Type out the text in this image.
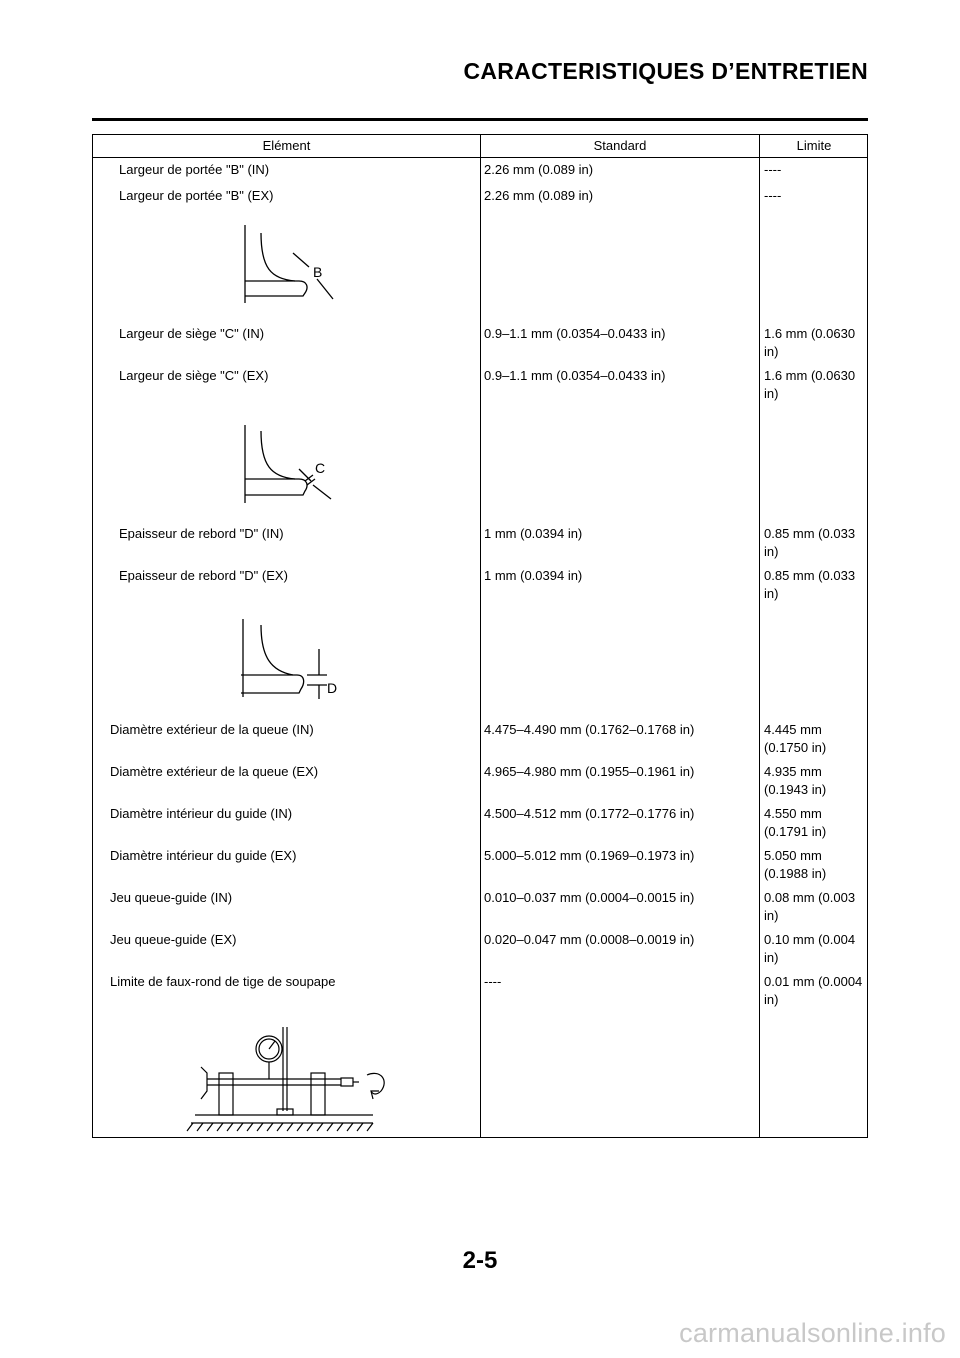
CARACTERISTIQUES D’ENTRETIEN
Elément	Standard	Limite
Largeur de portée "B" (IN)	2.26 mm (0.089 in)	----
Largeur de portée "B" (EX)	2.26 mm (0.089 in)	----
B
Largeur de siège "C" (IN)	0.9–1.1 mm (0.0354–0.0433 in)	1.6 mm (0.0630 in)
Largeur de siège "C" (EX)	0.9–1.1 mm (0.0354–0.0433 in)	1.6 mm (0.0630 in)
C
Epaisseur de rebord "D" (IN)	1 mm (0.0394 in)	0.85 mm (0.033 in)
Epaisseur de rebord "D" (EX)	1 mm (0.0394 in)	0.85 mm (0.033 in)
D
Diamètre extérieur de la queue (IN)	4.475–4.490 mm (0.1762–0.1768 in)	4.445 mm (0.1750 in)
Diamètre extérieur de la queue (EX)	4.965–4.980 mm (0.1955–0.1961 in)	4.935 mm (0.1943 in)
Diamètre intérieur du guide (IN)	4.500–4.512 mm (0.1772–0.1776 in)	4.550 mm (0.1791 in)
Diamètre intérieur du guide (EX)	5.000–5.012 mm (0.1969–0.1973 in)	5.050 mm (0.1988 in)
Jeu queue-guide (IN)	0.010–0.037 mm (0.0004–0.0015 in)	0.08 mm (0.003 in)
Jeu queue-guide (EX)	0.020–0.047 mm (0.0008–0.0019 in)	0.10 mm (0.004 in)
Limite de faux-rond de tige de soupape	----	0.01 mm (0.0004 in)
2-5
carmanualsonline.info
